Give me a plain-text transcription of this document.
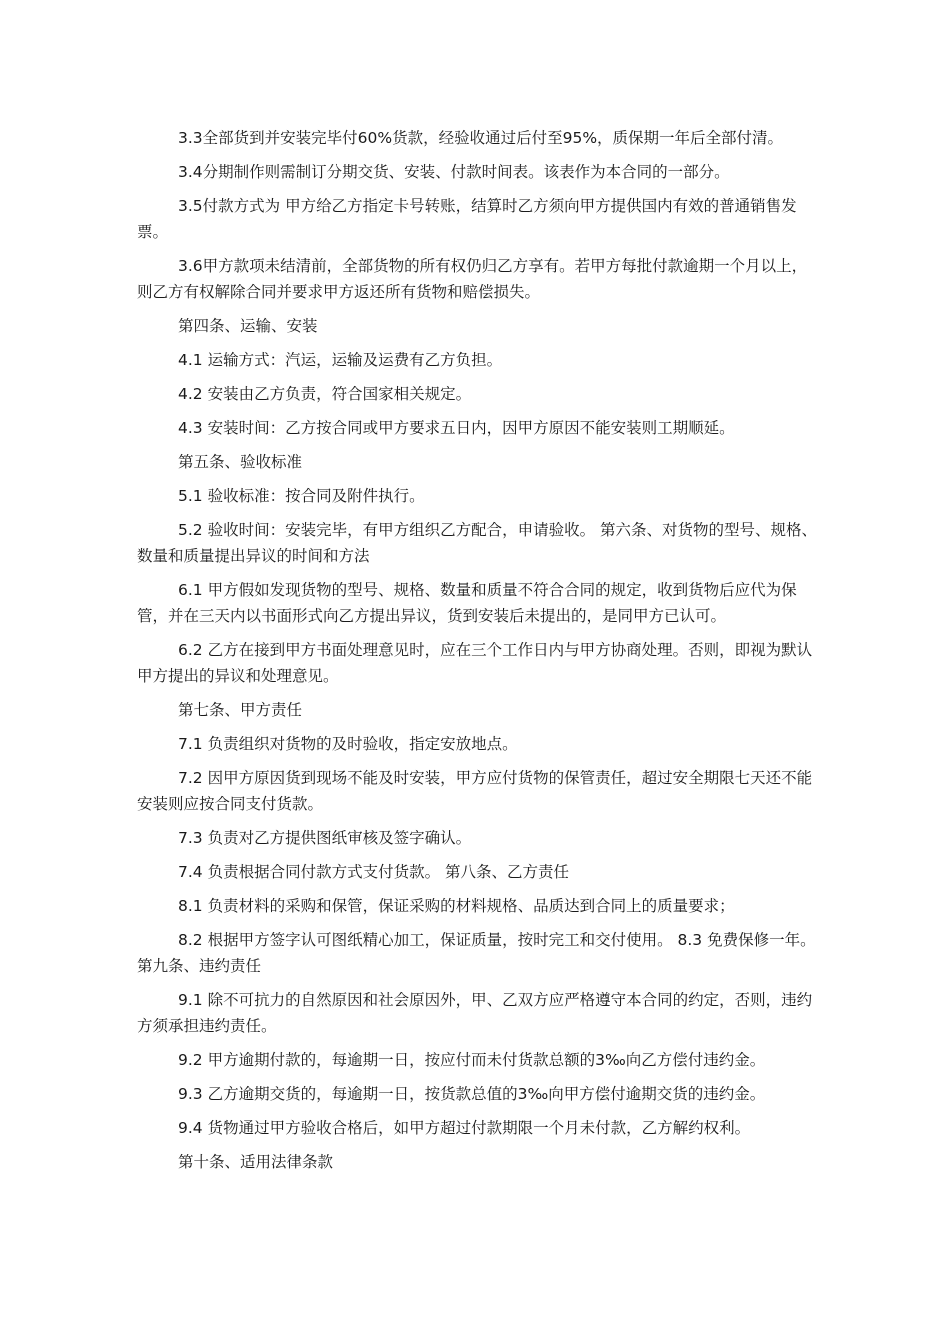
3.3全部货到并安装完毕付60%货款，经验收通过后付至95%，质保期一年后全部付清。

3.4分期制作则需制订分期交货、安装、付款时间表。该表作为本合同的一部分。

3.5付款方式为 甲方给乙方指定卡号转账，结算时乙方须向甲方提供国内有效的普通销售发票。

3.6甲方款项未结清前，全部货物的所有权仍归乙方享有。若甲方每批付款逾期一个月以上，则乙方有权解除合同并要求甲方返还所有货物和赔偿损失。

第四条、运输、安装

4.1 运输方式：汽运，运输及运费有乙方负担。

4.2 安装由乙方负责，符合国家相关规定。

4.3 安装时间：乙方按合同或甲方要求五日内，因甲方原因不能安装则工期顺延。

第五条、验收标准

5.1 验收标准：按合同及附件执行。

5.2 验收时间：安装完毕，有甲方组织乙方配合，申请验收。 第六条、对货物的型号、规格、数量和质量提出异议的时间和方法

6.1 甲方假如发现货物的型号、规格、数量和质量不符合合同的规定，收到货物后应代为保管，并在三天内以书面形式向乙方提出异议，货到安装后未提出的，是同甲方已认可。

6.2 乙方在接到甲方书面处理意见时，应在三个工作日内与甲方协商处理。否则，即视为默认甲方提出的异议和处理意见。

第七条、甲方责任

7.1 负责组织对货物的及时验收，指定安放地点。

7.2 因甲方原因货到现场不能及时安装，甲方应付货物的保管责任，超过安全期限七天还不能安装则应按合同支付货款。

7.3 负责对乙方提供图纸审核及签字确认。

7.4 负责根据合同付款方式支付货款。 第八条、乙方责任

8.1 负责材料的采购和保管，保证采购的材料规格、品质达到合同上的质量要求；

8.2 根据甲方签字认可图纸精心加工，保证质量，按时完工和交付使用。 8.3 免费保修一年。 第九条、违约责任

9.1 除不可抗力的自然原因和社会原因外，甲、乙双方应严格遵守本合同的约定，否则，违约方须承担违约责任。

9.2 甲方逾期付款的，每逾期一日，按应付而未付货款总额的3‰向乙方偿付违约金。

9.3 乙方逾期交货的，每逾期一日，按货款总值的3‰向甲方偿付逾期交货的违约金。

9.4 货物通过甲方验收合格后，如甲方超过付款期限一个月未付款，乙方解约权利。

第十条、适用法律条款
